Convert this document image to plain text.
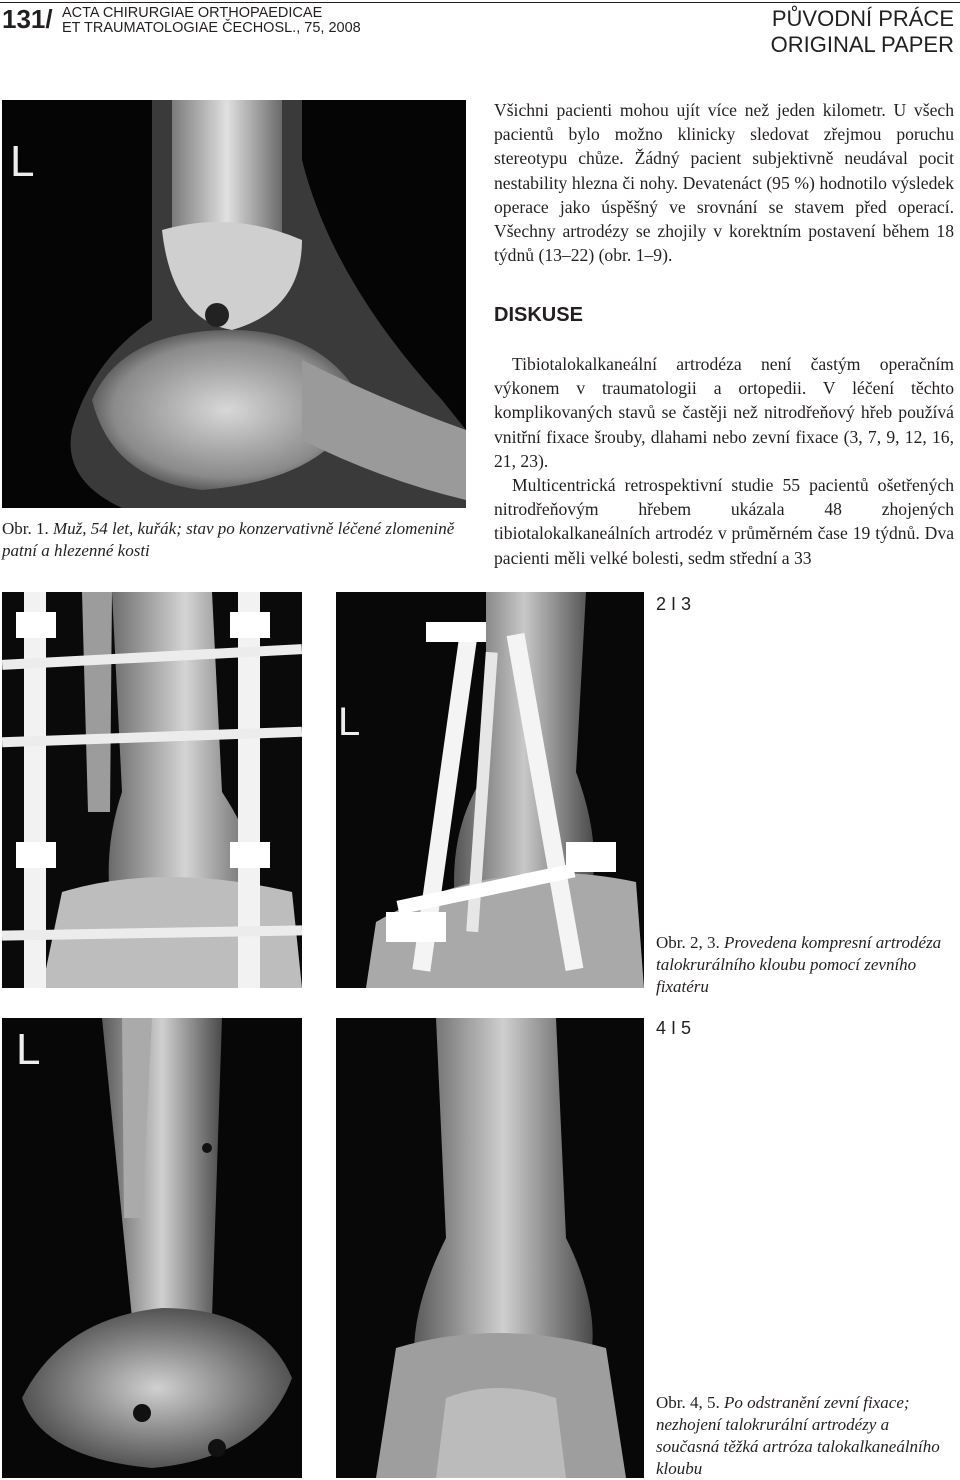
131/ ACTA CHIRURGIAE ORTHOPAEDICAE
ET TRAUMATOLOGIAE ČECHOSL., 75, 2008	PŮVODNÍ PRÁCE
ORIGINAL PAPER
L
Obr. 1. Muž, 54 let, kuřák; stav po konzervativně léčené zlomenině patní a hlezenné kosti

Všichni pacienti mohou ujít více než jeden kilometr. U všech pacientů bylo možno klinicky sledovat zřejmou poruchu stereotypu chůze. Žádný pacient subjektivně neudával pocit nestability hlezna či nohy. Devatenáct (95 %) hodnotilo výsledek operace jako úspěšný ve srovnání se stavem před operací. Všechny artrodézy se zhojily v korektním postavení během 18 týdnů (13–22) (obr. 1–9).

DISKUSE

Tibiotalokalkaneální artrodéza není častým operačním výkonem v traumatologii a ortopedii. V léčení těchto komplikovaných stavů se častěji než nitrodřeňový hřeb používá vnitřní fixace šrouby, dlahami nebo zevní fixace (3, 7, 9, 12, 16, 21, 23).

Multicentrická retrospektivní studie 55 pacientů ošetřených nitrodřeňovým hřebem ukázala 48 zhojených tibiotalokalkaneálních artrodéz v průměrném čase 19 týdnů. Dva pacienti měli velké bolesti, sedm střední a 33

L
2 I 3
Obr. 2, 3. Provedena kompresní artrodéza talokrurálního kloubu pomocí zevního fixatéru
L	4 I 5
Obr. 4, 5. Po odstranění zevní fixace; nezhojení talokrurální artrodézy a současná těžká artróza talokalkaneálního kloubu
